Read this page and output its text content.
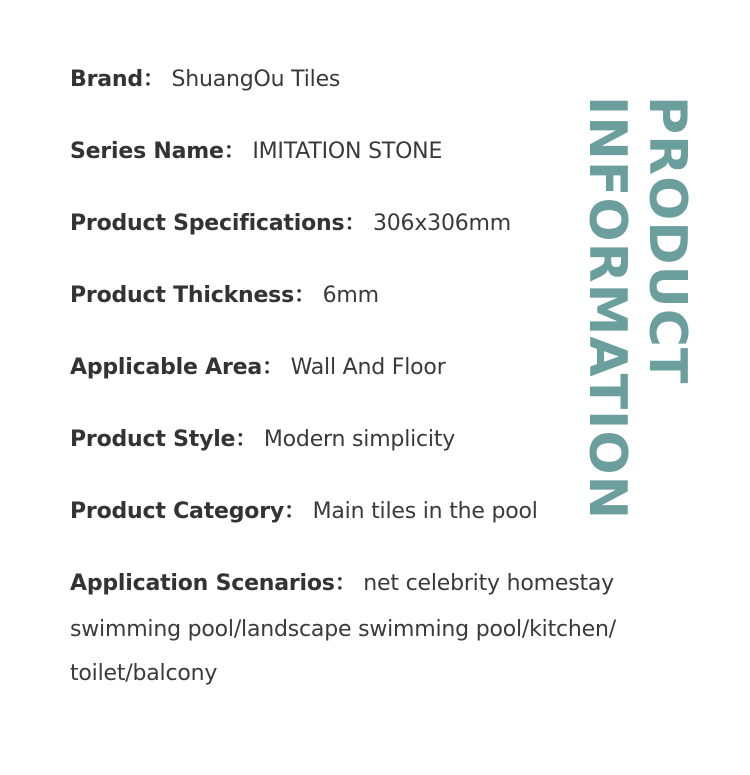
Brand： ShuangOu Tiles
Series Name： IMITATION STONE
Product Specifications： 306x306mm
Product Thickness： 6mm
Applicable Area： Wall And Floor
Product Style： Modern simplicity
Product Category： Main tiles in the pool
Application Scenarios： net celebrity homestay
swimming pool/landscape swimming pool/kitchen/
toilet/balcony
PRODUCT
INFORMATION
